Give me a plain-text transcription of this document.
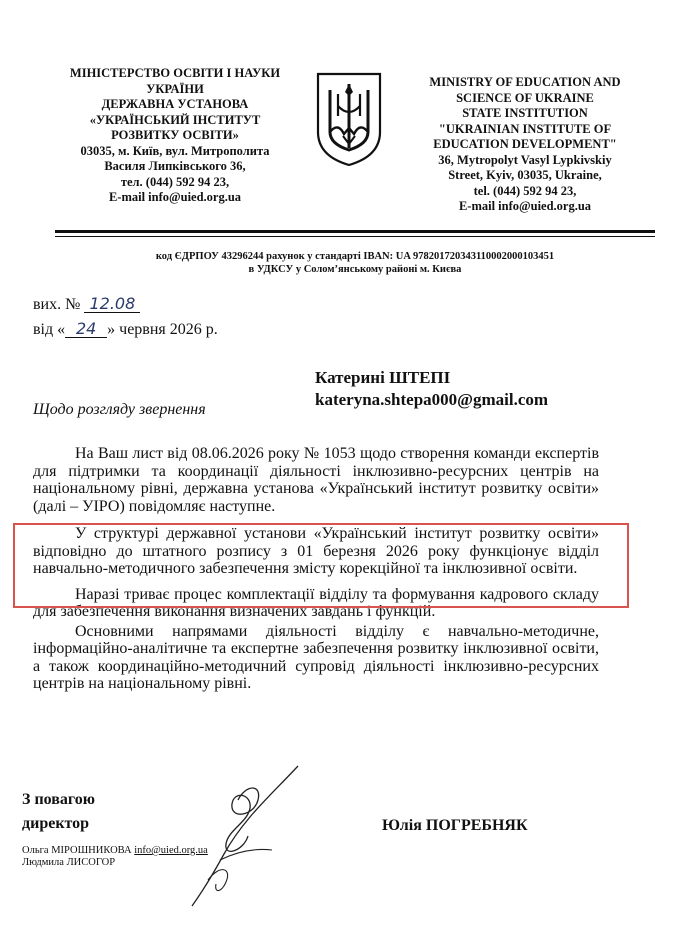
МІНІСТЕРСТВО ОСВІТИ І НАУКИ
УКРАЇНИ
ДЕРЖАВНА УСТАНОВА
«УКРАЇНСЬКИЙ ІНСТИТУТ
РОЗВИТКУ ОСВІТИ»
03035, м. Київ, вул. Митрополита
Василя Липківського 36,
тел. (044) 592 94 23,
E-mail info@uied.org.ua
MINISTRY OF EDUCATION AND
SCIENCE OF UKRAINE
STATE INSTITUTION
"UKRAINIAN INSTITUTE OF
EDUCATION DEVELOPMENT"
36, Mytropolyt Vasyl Lypkivskiy
Street, Kyiv, 03035, Ukraine,
tel. (044) 592 94 23,
E-mail info@uied.org.ua
код ЄДРПОУ 43296244 рахунок у стандарті IBAN: UA 978201720343110002000103451
в УДКСУ у Солом’янському районі м. Києва
вих. № 12.08
від « 24 » червня 2026 р.
Катерині ШТЕПІ
kateryna.shtepa000@gmail.com
Щодо розгляду звернення

На Ваш лист від 08.06.2026 року № 1053 щодо створення команди експертів для підтримки та координації діяльності інклюзивно-ресурсних центрів на національному рівні, державна установа «Український інститут розвитку освіти» (далі – УІРО) повідомляє наступне.

У структурі державної установи «Український інститут розвитку освіти» відповідно до штатного розпису з 01 березня 2026 року функціонує відділ навчально-методичного забезпечення змісту корекційної та інклюзивної освіти.

Наразі триває процес комплектації відділу та формування кадрового складу для забезпечення виконання визначених завдань і функцій.

Основними напрямами діяльності відділу є навчально-методичне, інформаційно-аналітичне та експертне забезпечення розвитку інклюзивної освіти, а також координаційно-методичний супровід діяльності інклюзивно-ресурсних центрів на національному рівні.

З повагою
директор	Юлія ПОГРЕБНЯК
Ольга МІРОШНИКОВА info@uied.org.ua
Людмила ЛИСОГОР
